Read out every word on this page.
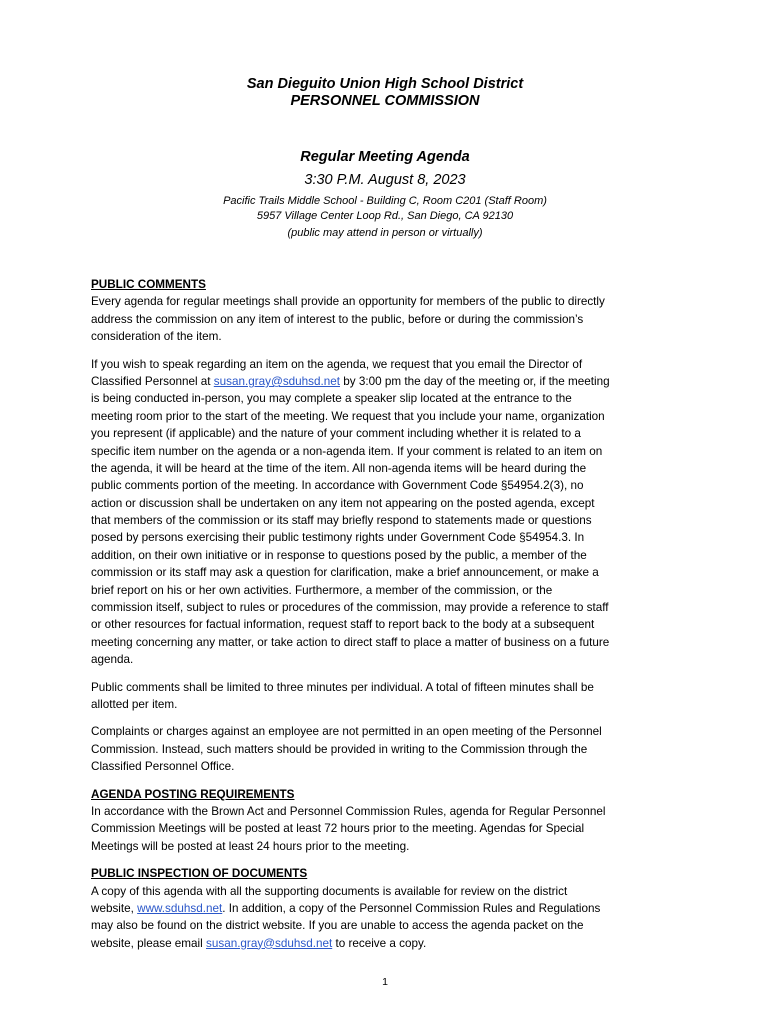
San Dieguito Union High School District
PERSONNEL COMMISSION
Regular Meeting Agenda
3:30 P.M. August 8, 2023
Pacific Trails Middle School - Building C, Room C201 (Staff Room)
5957 Village Center Loop Rd., San Diego, CA 92130
(public may attend in person or virtually)
PUBLIC COMMENTS
Every agenda for regular meetings shall provide an opportunity for members of the public to directly
address the commission on any item of interest to the public, before or during the commission’s
consideration of the item.
If you wish to speak regarding an item on the agenda, we request that you email the Director of
Classified Personnel at susan.gray@sduhsd.net by 3:00 pm the day of the meeting or, if the meeting
is being conducted in-person, you may complete a speaker slip located at the entrance to the
meeting room prior to the start of the meeting. We request that you include your name, organization
you represent (if applicable) and the nature of your comment including whether it is related to a
specific item number on the agenda or a non-agenda item. If your comment is related to an item on
the agenda, it will be heard at the time of the item. All non-agenda items will be heard during the
public comments portion of the meeting. In accordance with Government Code §54954.2(3), no
action or discussion shall be undertaken on any item not appearing on the posted agenda, except
that members of the commission or its staff may briefly respond to statements made or questions
posed by persons exercising their public testimony rights under Government Code §54954.3. In
addition, on their own initiative or in response to questions posed by the public, a member of the
commission or its staff may ask a question for clarification, make a brief announcement, or make a
brief report on his or her own activities. Furthermore, a member of the commission, or the
commission itself, subject to rules or procedures of the commission, may provide a reference to staff
or other resources for factual information, request staff to report back to the body at a subsequent
meeting concerning any matter, or take action to direct staff to place a matter of business on a future
agenda.
Public comments shall be limited to three minutes per individual. A total of fifteen minutes shall be
allotted per item.
Complaints or charges against an employee are not permitted in an open meeting of the Personnel
Commission. Instead, such matters should be provided in writing to the Commission through the
Classified Personnel Office.
AGENDA POSTING REQUIREMENTS
In accordance with the Brown Act and Personnel Commission Rules, agenda for Regular Personnel
Commission Meetings will be posted at least 72 hours prior to the meeting. Agendas for Special
Meetings will be posted at least 24 hours prior to the meeting.
PUBLIC INSPECTION OF DOCUMENTS
A copy of this agenda with all the supporting documents is available for review on the district
website, www.sduhsd.net. In addition, a copy of the Personnel Commission Rules and Regulations
may also be found on the district website. If you are unable to access the agenda packet on the
website, please email susan.gray@sduhsd.net to receive a copy.
1
